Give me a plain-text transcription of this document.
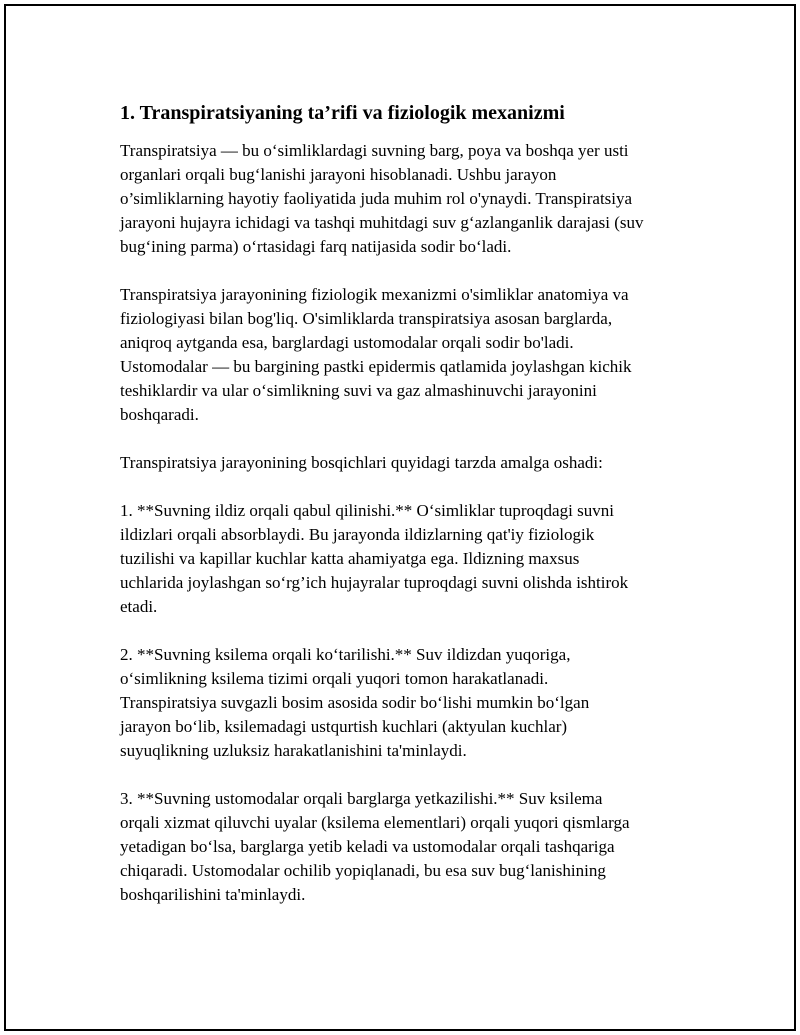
1. Transpiratsiyaning ta’rifi va fiziologik mexanizmi

Transpiratsiya — bu o‘simliklardagi suvning barg, poya va boshqa yer usti
organlari orqali bug‘lanishi jarayoni hisoblanadi. Ushbu jarayon
o’simliklarning hayotiy faoliyatida juda muhim rol o'ynaydi. Transpiratsiya
jarayoni hujayra ichidagi va tashqi muhitdagi suv g‘azlanganlik darajasi (suv
bug‘ining parma) o‘rtasidagi farq natijasida sodir bo‘ladi.

Transpiratsiya jarayonining fiziologik mexanizmi o'simliklar anatomiya va
fiziologiyasi bilan bog'liq. O'simliklarda transpiratsiya asosan barglarda,
aniqroq aytganda esa, barglardagi ustomodalar orqali sodir bo'ladi.
Ustomodalar — bu bargining pastki epidermis qatlamida joylashgan kichik
teshiklardir va ular o‘simlikning suvi va gaz almashinuvchi jarayonini
boshqaradi.

Transpiratsiya jarayonining bosqichlari quyidagi tarzda amalga oshadi:

1. **Suvning ildiz orqali qabul qilinishi.** O‘simliklar tuproqdagi suvni
ildizlari orqali absorblaydi. Bu jarayonda ildizlarning qat'iy fiziologik
tuzilishi va kapillar kuchlar katta ahamiyatga ega. Ildizning maxsus
uchlarida joylashgan so‘rg’ich hujayralar tuproqdagi suvni olishda ishtirok
etadi.

2. **Suvning ksilema orqali ko‘tarilishi.** Suv ildizdan yuqoriga,
o‘simlikning ksilema tizimi orqali yuqori tomon harakatlanadi.
Transpiratsiya suvgazli bosim asosida sodir bo‘lishi mumkin bo‘lgan
jarayon bo‘lib, ksilemadagi ustqurtish kuchlari (aktyulan kuchlar)
suyuqlikning uzluksiz harakatlanishini ta'minlaydi.

3. **Suvning ustomodalar orqali barglarga yetkazilishi.** Suv ksilema
orqali xizmat qiluvchi uyalar (ksilema elementlari) orqali yuqori qismlarga
yetadigan bo‘lsa, barglarga yetib keladi va ustomodalar orqali tashqariga
chiqaradi. Ustomodalar ochilib yopiqlanadi, bu esa suv bug‘lanishining
boshqarilishini ta'minlaydi.
